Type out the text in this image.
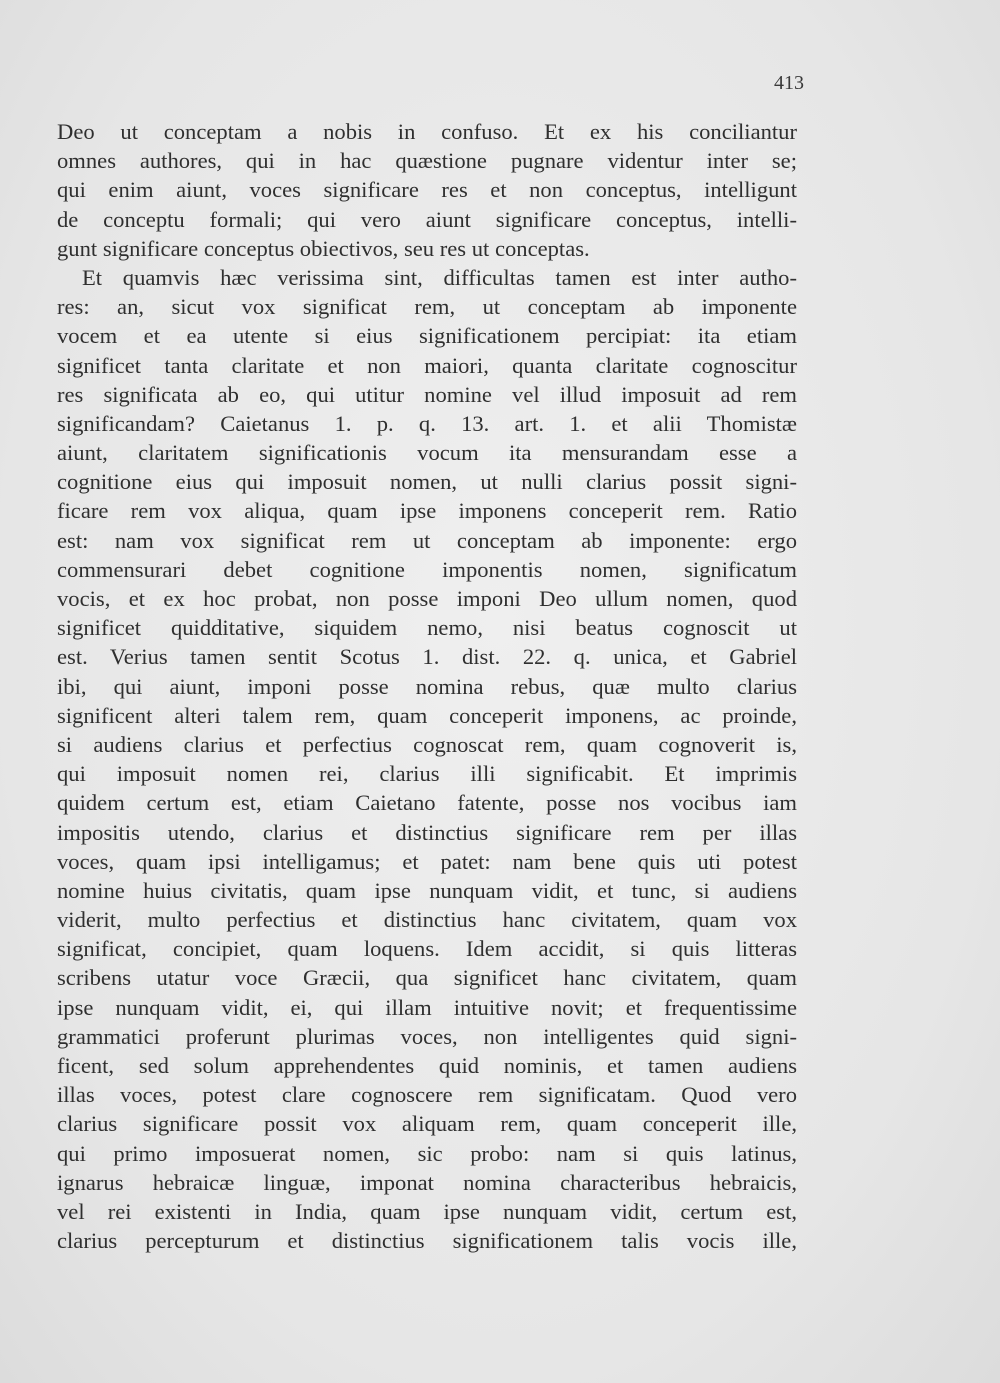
413
Deo ut conceptam a nobis in confuso. Et ex his conciliantur
omnes authores, qui in hac quæstione pugnare videntur inter se;
qui enim aiunt, voces significare res et non conceptus, intelligunt
de conceptu formali; qui vero aiunt significare conceptus, intelli-
gunt significare conceptus obiectivos, seu res ut conceptas.
Et quamvis hæc verissima sint, difficultas tamen est inter autho-
res: an, sicut vox significat rem, ut conceptam ab imponente
vocem et ea utente si eius significationem percipiat: ita etiam
significet tanta claritate et non maiori, quanta claritate cognoscitur
res significata ab eo, qui utitur nomine vel illud imposuit ad rem
significandam? Caietanus 1. p. q. 13. art. 1. et alii Thomistæ
aiunt, claritatem significationis vocum ita mensurandam esse a
cognitione eius qui imposuit nomen, ut nulli clarius possit signi-
ficare rem vox aliqua, quam ipse imponens conceperit rem. Ratio
est: nam vox significat rem ut conceptam ab imponente: ergo
commensurari debet cognitione imponentis nomen, significatum
vocis, et ex hoc probat, non posse imponi Deo ullum nomen, quod
significet quidditative, siquidem nemo, nisi beatus cognoscit ut
est. Verius tamen sentit Scotus 1. dist. 22. q. unica, et Gabriel
ibi, qui aiunt, imponi posse nomina rebus, quæ multo clarius
significent alteri talem rem, quam conceperit imponens, ac proinde,
si audiens clarius et perfectius cognoscat rem, quam cognoverit is,
qui imposuit nomen rei, clarius illi significabit. Et imprimis
quidem certum est, etiam Caietano fatente, posse nos vocibus iam
impositis utendo, clarius et distinctius significare rem per illas
voces, quam ipsi intelligamus; et patet: nam bene quis uti potest
nomine huius civitatis, quam ipse nunquam vidit, et tunc, si audiens
viderit, multo perfectius et distinctius hanc civitatem, quam vox
significat, concipiet, quam loquens. Idem accidit, si quis litteras
scribens utatur voce Græcii, qua significet hanc civitatem, quam
ipse nunquam vidit, ei, qui illam intuitive novit; et frequentissime
grammatici proferunt plurimas voces, non intelligentes quid signi-
ficent, sed solum apprehendentes quid nominis, et tamen audiens
illas voces, potest clare cognoscere rem significatam. Quod vero
clarius significare possit vox aliquam rem, quam conceperit ille,
qui primo imposuerat nomen, sic probo: nam si quis latinus,
ignarus hebraicæ linguæ, imponat nomina characteribus hebraicis,
vel rei existenti in India, quam ipse nunquam vidit, certum est,
clarius percepturum et distinctius significationem talis vocis ille,
